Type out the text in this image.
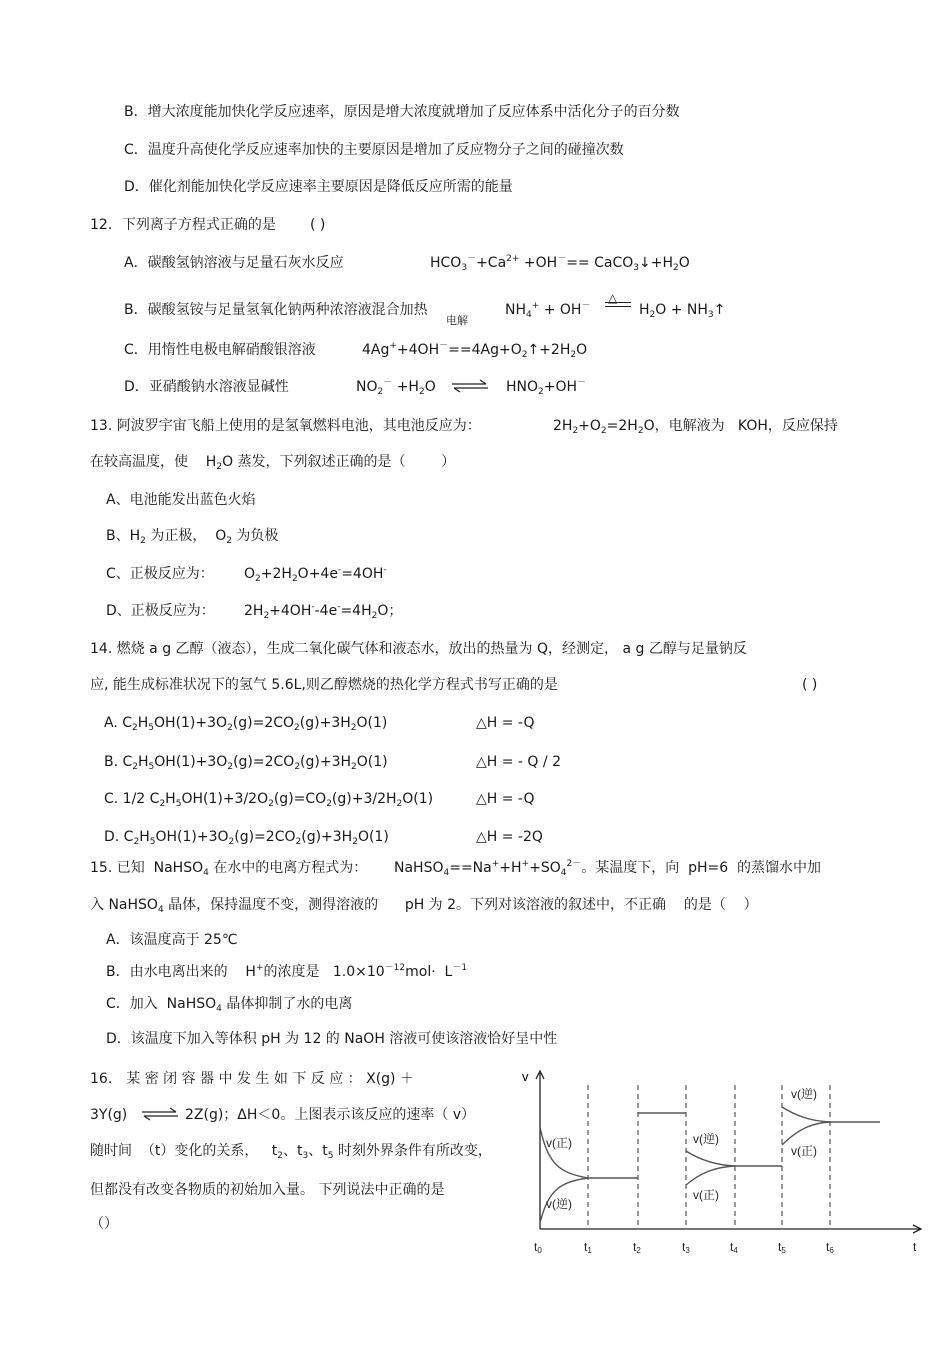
B．增大浓度能加快化学反应速率，原因是增大浓度就增加了反应体系中活化分子的百分数
C．温度升高使化学反应速率加快的主要原因是增加了反应物分子之间的碰撞次数
D．催化剂能加快化学反应速率主要原因是降低反应所需的能量
12．下列离子方程式正确的是 ( )
A．碳酸氢钠溶液与足量石灰水反应	$HCO_3^-+Ca^{2+} +OH^-==$ $CaCO_3↓+H_2O$
B．碳酸氢铵与足量氢氧化钠两种浓溶液混合加热
电解
$NH_4^+ + OH^-$
△
$H_2O$ + $NH_3↑$
C．用惰性电极电解硝酸银溶液	$4Ag^++4OH^-==4Ag+O_2↑+2H_2O$
D．亚硝酸钠水溶液显碱性	$NO_2^- +H_2O$ ⇌ $HNO_2+OH^-$
13. 阿波罗宇宙飞船上使用的是氢氧燃料电池，其电池反应为：	$2H_2+O_2=2H_2O$，电解液为   KOH，反应保持
在较高温度，使    $H_2O$ 蒸发，下列叙述正确的是（        ）
A、电池能发出蓝色火焰
B、$H_2$ 为正极，  $O_2$ 为负极
C、正极反应为： $O_2+2H_2O+4e^-=4OH^-$
D、正极反应为： $2H_2+4OH^--4e^-=4H_2O$；
14. 燃烧 a g 乙醇（液态），生成二氧化碳气体和液态水，放出的热量为 Q，经测定， a g 乙醇与足量钠反
应, 能生成标准状况下的氢气 5.6L,则乙醇燃烧的热化学方程式书写正确的是	( )
A. $C_2H_5OH(1)+3O_2(g)=2CO_2(g)+3H_2O(1)$	△H = -Q
B. $C_2H_5OH(1)+3O_2(g)=2CO_2(g)+3H_2O(1)$	△H = - Q / 2
C. 1/2 $C_2H_5OH(1)+3/2O_2(g)=CO_2(g)+3/2H_2O(1)$	△H = -Q
D. $C_2H_5OH(1)+3O_2(g)=2CO_2(g)+3H_2O(1)$	△H = -2Q
15. 已知  NaHSO$_4$ 在水中的电离方程式为：      $NaHSO_4==Na^++H^++SO_4^{2-}$。某温度下，向  pH=6  的蒸馏水中加
入 NaHSO$_4$ 晶体，保持温度不变，测得溶液的      pH 为 2。下列对该溶液的叙述中，不正确    的是（    ）
A．该温度高于 25℃
B．由水电离出来的    H+的浓度是   $1.0\times 10^{-12}mol\cdot L^{-1}$
C．加入  NaHSO$_4$ 晶体抑制了水的电离
D．该温度下加入等体积 pH 为 12 的 NaOH 溶液可使该溶液恰好呈中性
16． 某 密 闭 容 器 中 发 生 如 下 反 应 ： X(g) ＋
3Y(g) ⇌ 2Z(g)；ΔH＜0。上图表示该反应的速率（ v）
随时间  （t）变化的关系，   $t_2$、$t_3$、$t_5$ 时刻外界条件有所改变，
但都没有改变各物质的初始加入量。 下列说法中正确的是
（）
v
v(正)
v(逆)
v(逆)
v(正)
v(逆)
v(正)
t0	t1	t2	t3	t4	t5	t6	t
